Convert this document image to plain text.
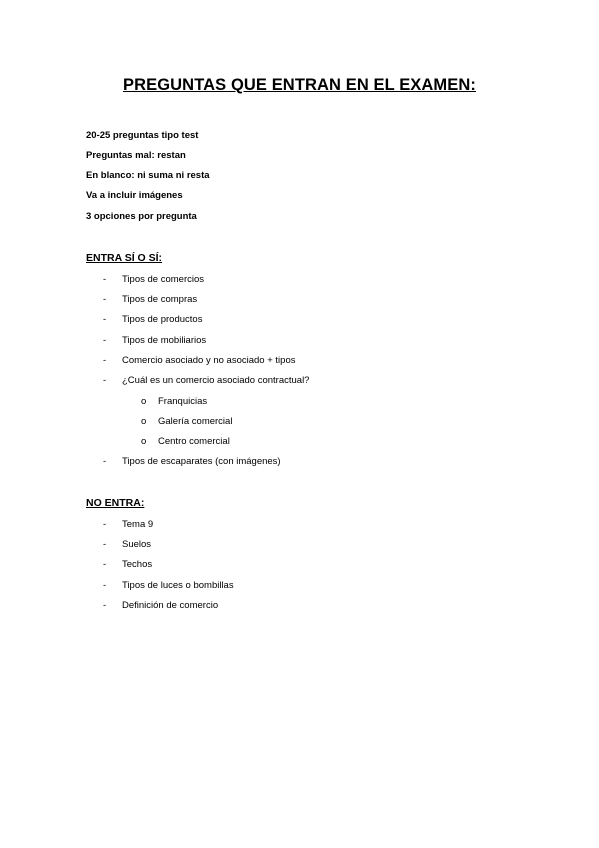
PREGUNTAS QUE ENTRAN EN EL EXAMEN:
20-25 preguntas tipo test
Preguntas mal: restan
En blanco: ni suma ni resta
Va a incluir imágenes
3 opciones por pregunta
ENTRA SÍ O SÍ:
- Tipos de comercios
- Tipos de compras
- Tipos de productos
- Tipos de mobiliarios
- Comercio asociado y no asociado + tipos
- ¿Cuál es un comercio asociado contractual?
o Franquicias
o Galería comercial
o Centro comercial
- Tipos de escaparates (con imágenes)
NO ENTRA:
- Tema 9
- Suelos
- Techos
- Tipos de luces o bombillas
- Definición de comercio
